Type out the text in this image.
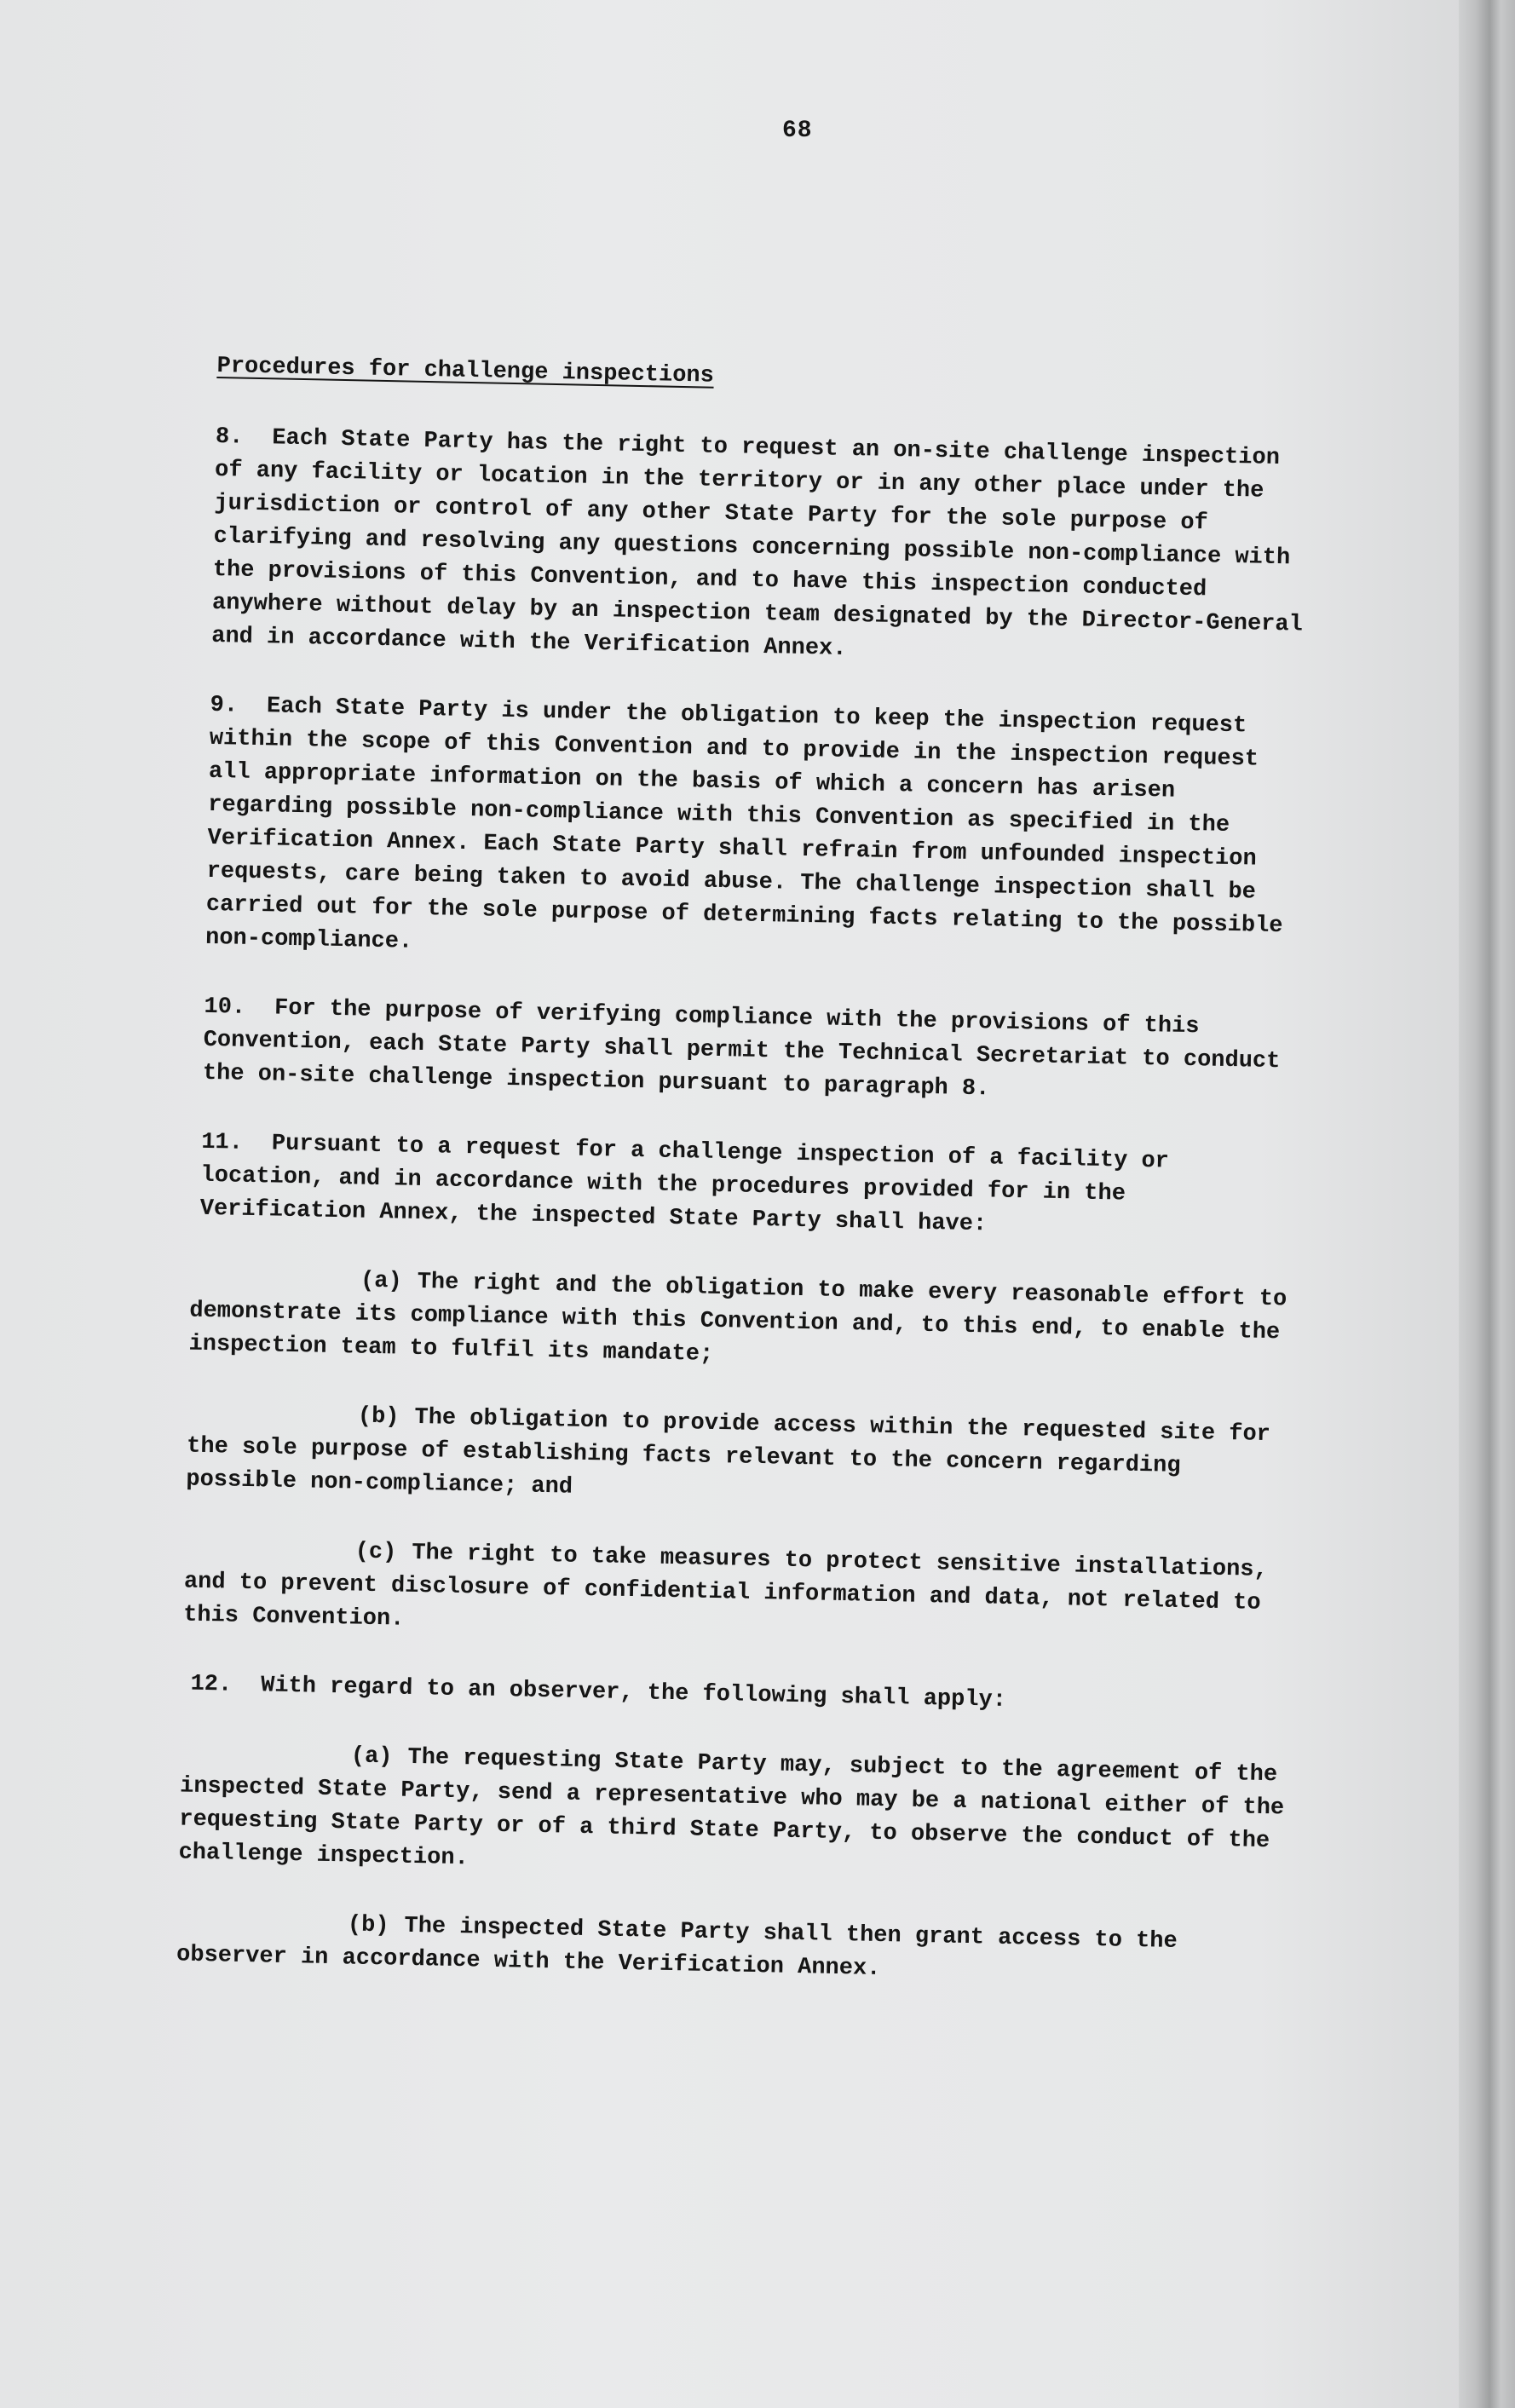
68
Procedures for challenge inspections
8. Each State Party has the right to request an on-site challenge inspection of any facility or location in the territory or in any other place under the jurisdiction or control of any other State Party for the sole purpose of clarifying and resolving any questions concerning possible non-compliance with the provisions of this Convention, and to have this inspection conducted anywhere without delay by an inspection team designated by the Director-General and in accordance with the Verification Annex.
9. Each State Party is under the obligation to keep the inspection request within the scope of this Convention and to provide in the inspection request all appropriate information on the basis of which a concern has arisen regarding possible non-compliance with this Convention as specified in the Verification Annex. Each State Party shall refrain from unfounded inspection requests, care being taken to avoid abuse. The challenge inspection shall be carried out for the sole purpose of determining facts relating to the possible non-compliance.
10. For the purpose of verifying compliance with the provisions of this Convention, each State Party shall permit the Technical Secretariat to conduct the on-site challenge inspection pursuant to paragraph 8.
11. Pursuant to a request for a challenge inspection of a facility or location, and in accordance with the procedures provided for in the Verification Annex, the inspected State Party shall have:
(a) The right and the obligation to make every reasonable effort to demonstrate its compliance with this Convention and, to this end, to enable the inspection team to fulfil its mandate;
(b) The obligation to provide access within the requested site for the sole purpose of establishing facts relevant to the concern regarding possible non-compliance; and
(c) The right to take measures to protect sensitive installations, and to prevent disclosure of confidential information and data, not related to this Convention.
12. With regard to an observer, the following shall apply:
(a) The requesting State Party may, subject to the agreement of the inspected State Party, send a representative who may be a national either of the requesting State Party or of a third State Party, to observe the conduct of the challenge inspection.
(b) The inspected State Party shall then grant access to the observer in accordance with the Verification Annex.
